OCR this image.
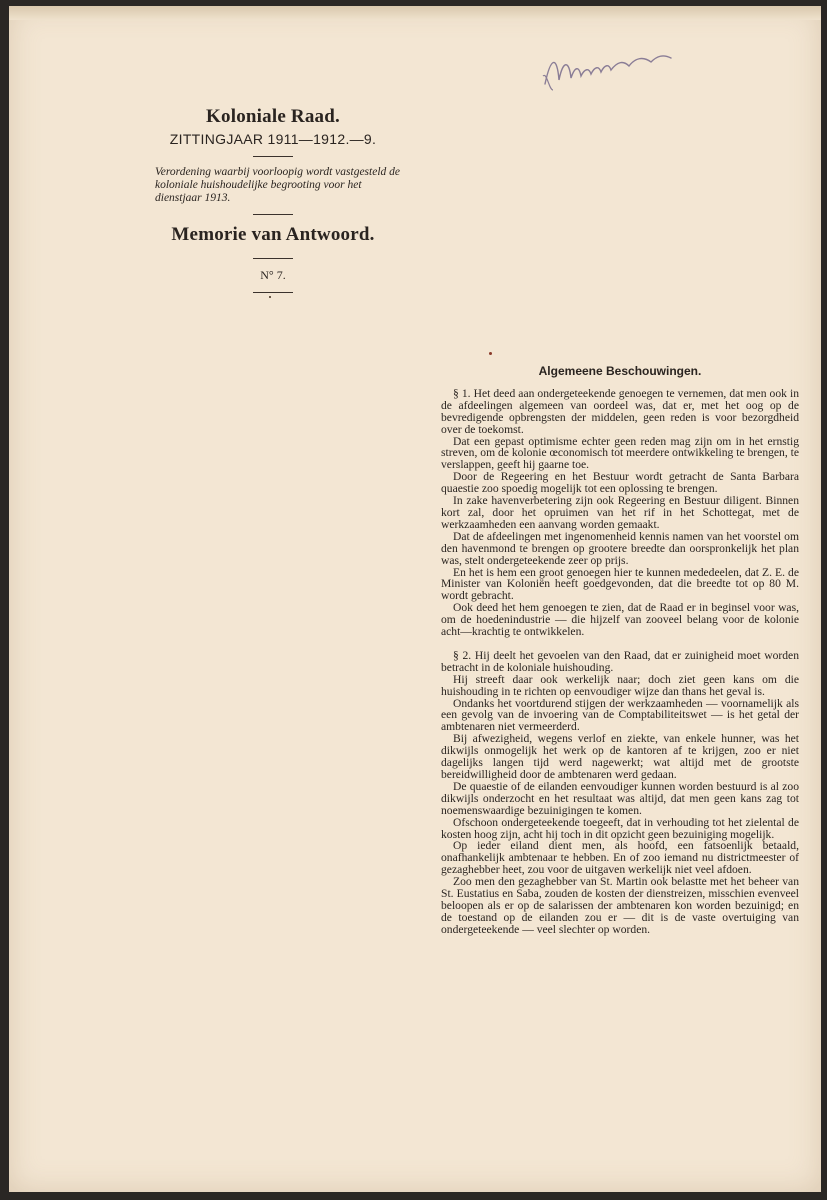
Koloniale Raad.

ZITTINGJAAR 1911—1912.—9.

Verordening waarbij voorloopig wordt vastgesteld de koloniale huishoudelijke begrooting voor het dienstjaar 1913.

Memorie van Antwoord.

N° 7.

Algemeene Beschouwingen.

§ 1. Het deed aan ondergeteekende genoegen te vernemen, dat men ook in de afdeelingen algemeen van oordeel was, dat er, met het oog op de bevredigende opbrengsten der middelen, geen reden is voor bezorgdheid over de toekomst.

Dat een gepast optimisme echter geen reden mag zijn om in het ernstig streven, om de kolonie œconomisch tot meerdere ontwikkeling te brengen, te verslappen, geeft hij gaarne toe.

Door de Regeering en het Bestuur wordt getracht de Santa Barbara quaestie zoo spoedig mogelijk tot een oplossing te brengen.

In zake havenverbetering zijn ook Regeering en Bestuur diligent. Binnen kort zal, door het opruimen van het rif in het Schottegat, met de werkzaamheden een aanvang worden gemaakt.

Dat de afdeelingen met ingenomenheid kennis namen van het voorstel om den havenmond te brengen op grootere breedte dan oorspronkelijk het plan was, stelt ondergeteekende zeer op prijs.

En het is hem een groot genoegen hier te kunnen mededeelen, dat Z. E. de Minister van Koloniën heeft goedgevonden, dat die breedte tot op 80 M. wordt gebracht.

Ook deed het hem genoegen te zien, dat de Raad er in beginsel voor was, om de hoedenindustrie — die hijzelf van zooveel belang voor de kolonie acht—krachtig te ontwikkelen.

§ 2. Hij deelt het gevoelen van den Raad, dat er zuinigheid moet worden betracht in de koloniale huishouding.

Hij streeft daar ook werkelijk naar; doch ziet geen kans om die huishouding in te richten op eenvoudiger wijze dan thans het geval is.

Ondanks het voortdurend stijgen der werkzaamheden — voornamelijk als een gevolg van de invoering van de Comptabiliteitswet — is het getal der ambtenaren niet vermeerderd.

Bij afwezigheid, wegens verlof en ziekte, van enkele hunner, was het dikwijls onmogelijk het werk op de kantoren af te krijgen, zoo er niet dagelijks langen tijd werd nagewerkt; wat altijd met de grootste bereidwilligheid door de ambtenaren werd gedaan.

De quaestie of de eilanden eenvoudiger kunnen worden bestuurd is al zoo dikwijls onderzocht en het resultaat was altijd, dat men geen kans zag tot noemenswaardige bezuinigingen te komen.

Ofschoon ondergeteekende toegeeft, dat in verhouding tot het zielental de kosten hoog zijn, acht hij toch in dit opzicht geen bezuiniging mogelijk.

Op ieder eiland dient men, als hoofd, een fatsoenlijk betaald, onafhankelijk ambtenaar te hebben. En of zoo iemand nu districtmeester of gezaghebber heet, zou voor de uitgaven werkelijk niet veel afdoen.

Zoo men den gezaghebber van St. Martin ook belastte met het beheer van St. Eustatius en Saba, zouden de kosten der dienstreizen, misschien evenveel beloopen als er op de salarissen der ambtenaren kon worden bezuinigd; en de toestand op de eilanden zou er — dit is de vaste overtuiging van ondergeteekende — veel slechter op worden.
